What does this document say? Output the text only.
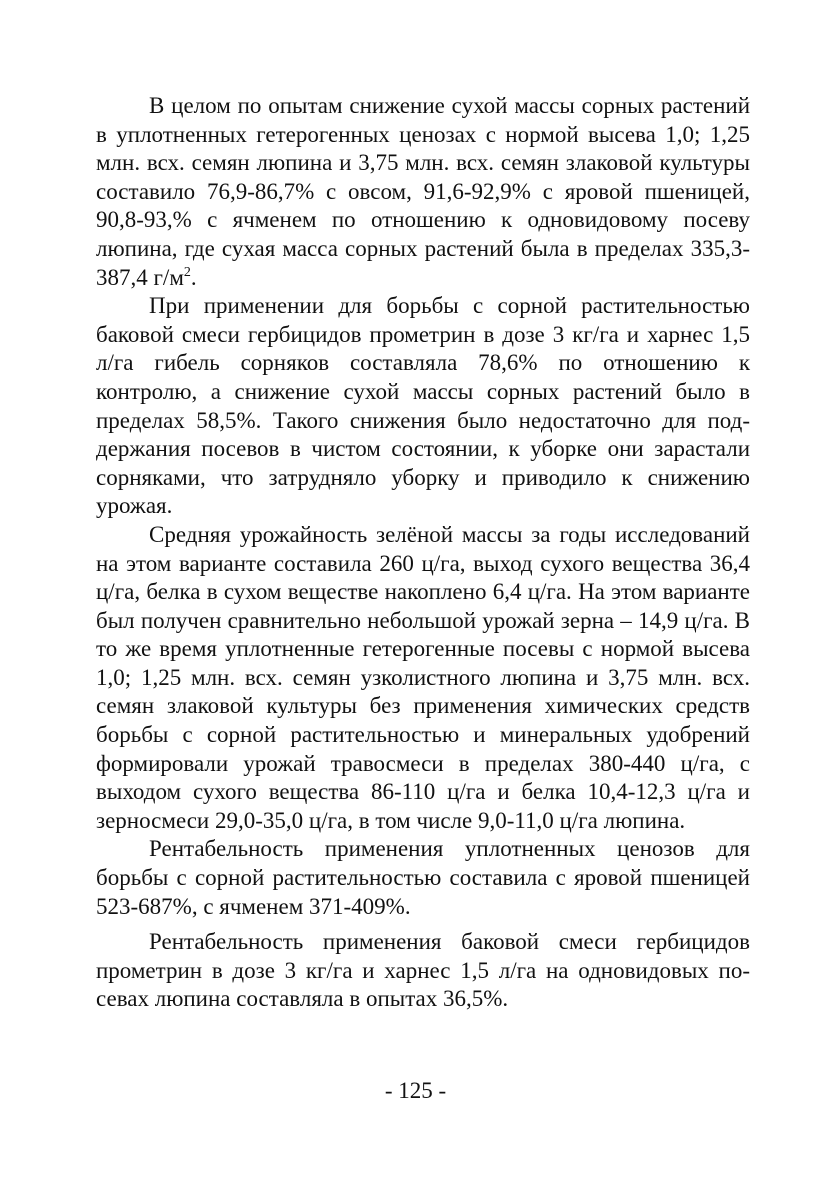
В целом по опытам снижение сухой массы сорных растений в уплотненных гетерогенных ценозах с нормой высева 1,0; 1,25 млн. всх. семян люпина и 3,75 млн. всх. семян злаковой культуры составило 76,9-86,7% с овсом, 91,6-92,9% с яровой пшеницей, 90,8-93,% с ячменем по отношению к одновидовому посеву люпина, где сухая масса сорных растений была в пределах 335,3-387,4 $г/м^2$.

При применении для борьбы с сорной растительностью баковой смеси гербицидов прометрин в дозе 3 кг/га и харнес 1,5 л/га гибель сорняков составляла 78,6% по отношению к контролю, а снижение сухой массы сорных растений было в пределах 58,5%. Такого снижения было недостаточно для поддержания посевов в чистом состоянии, к уборке они зарастали сорняками, что затрудняло уборку и приводило к снижению урожая.

Средняя урожайность зелёной массы за годы исследований на этом варианте составила 260 ц/га, выход сухого вещества 36,4 ц/га, белка в сухом веществе накоплено 6,4 ц/га. На этом варианте был получен сравнительно небольшой урожай зерна – 14,9 ц/га. В то же время уплотненные гетерогенные посевы с нормой высева 1,0; 1,25 млн. всх. семян узколистного люпина и 3,75 млн. всх. семян злаковой культуры без применения химических средств борьбы с сорной растительностью и минеральных удобрений формировали урожай травосмеси в пределах 380-440 ц/га, с выходом сухого вещества 86-110 ц/га и белка 10,4-12,3 ц/га и зерносмеси 29,0-35,0 ц/га, в том числе 9,0-11,0 ц/га люпина.

Рентабельность применения уплотненных ценозов для борьбы с сорной растительностью составила с яровой пшеницей 523-687%, с ячменем 371-409%.

Рентабельность применения баковой смеси гербицидов прометрин в дозе 3 кг/га и харнес 1,5 л/га на одновидовых посевах люпина составляла в опытах 36,5%.

- 125 -
